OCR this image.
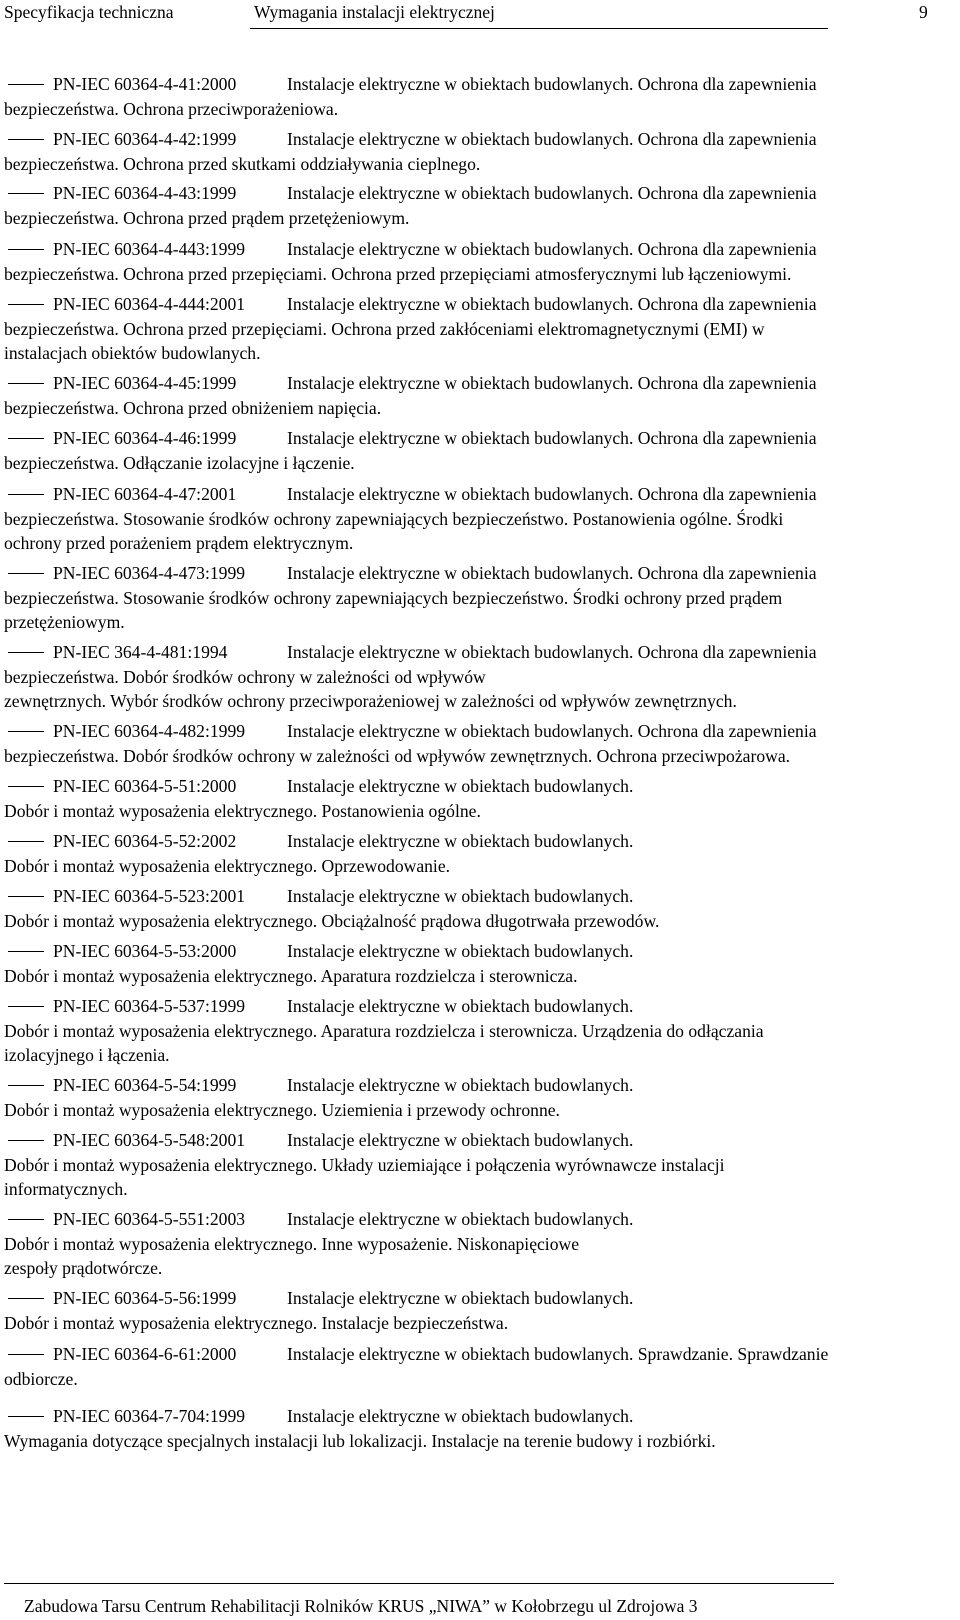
Specyfikacja techniczna	Wymagania instalacji elektrycznej	9
PN-IEC 60364-4-41:2000	Instalacje elektryczne w obiektach budowlanych. Ochrona dla zapewnienia
bezpieczeństwa. Ochrona przeciwporażeniowa.
PN-IEC 60364-4-42:1999	Instalacje elektryczne w obiektach budowlanych. Ochrona dla zapewnienia
bezpieczeństwa. Ochrona przed skutkami oddziaływania cieplnego.
PN-IEC 60364-4-43:1999	Instalacje elektryczne w obiektach budowlanych. Ochrona dla zapewnienia
bezpieczeństwa. Ochrona przed prądem przetężeniowym.
PN-IEC 60364-4-443:1999 Instalacje elektryczne w obiektach budowlanych. Ochrona dla zapewnienia
bezpieczeństwa. Ochrona przed przepięciami. Ochrona przed przepięciami atmosferycznymi lub łączeniowymi.
PN-IEC 60364-4-444:2001 Instalacje elektryczne w obiektach budowlanych. Ochrona dla zapewnienia
bezpieczeństwa. Ochrona przed przepięciami. Ochrona przed zakłóceniami elektromagnetycznymi (EMI) w
instalacjach obiektów budowlanych.
PN-IEC 60364-4-45:1999	Instalacje elektryczne w obiektach budowlanych. Ochrona dla zapewnienia
bezpieczeństwa. Ochrona przed obniżeniem napięcia.
PN-IEC 60364-4-46:1999	Instalacje elektryczne w obiektach budowlanych. Ochrona dla zapewnienia
bezpieczeństwa. Odłączanie izolacyjne i łączenie.
PN-IEC 60364-4-47:2001	Instalacje elektryczne w obiektach budowlanych. Ochrona dla zapewnienia
bezpieczeństwa. Stosowanie środków ochrony zapewniających bezpieczeństwo. Postanowienia ogólne. Środki
ochrony przed porażeniem prądem elektrycznym.
PN-IEC 60364-4-473:1999 Instalacje elektryczne w obiektach budowlanych. Ochrona dla zapewnienia
bezpieczeństwa. Stosowanie środków ochrony zapewniających bezpieczeństwo. Środki ochrony przed prądem
przetężeniowym.
PN-IEC 364-4-481:1994	Instalacje elektryczne w obiektach budowlanych. Ochrona dla zapewnienia
bezpieczeństwa. Dobór środków ochrony w zależności od wpływów
zewnętrznych. Wybór środków ochrony przeciwporażeniowej w zależności od wpływów zewnętrznych.
PN-IEC 60364-4-482:1999 Instalacje elektryczne w obiektach budowlanych. Ochrona dla zapewnienia
bezpieczeństwa. Dobór środków ochrony w zależności od wpływów zewnętrznych. Ochrona przeciwpożarowa.
PN-IEC 60364-5-51:2000	Instalacje elektryczne w obiektach budowlanych.
Dobór i montaż wyposażenia elektrycznego. Postanowienia ogólne.
PN-IEC 60364-5-52:2002	Instalacje elektryczne w obiektach budowlanych.
Dobór i montaż wyposażenia elektrycznego. Oprzewodowanie.
PN-IEC 60364-5-523:2001 Instalacje elektryczne w obiektach budowlanych.
Dobór i montaż wyposażenia elektrycznego. Obciążalność prądowa długotrwała przewodów.
PN-IEC 60364-5-53:2000	Instalacje elektryczne w obiektach budowlanych.
Dobór i montaż wyposażenia elektrycznego. Aparatura rozdzielcza i sterownicza.
PN-IEC 60364-5-537:1999 Instalacje elektryczne w obiektach budowlanych.
Dobór i montaż wyposażenia elektrycznego. Aparatura rozdzielcza i sterownicza. Urządzenia do odłączania
izolacyjnego i łączenia.
PN-IEC 60364-5-54:1999	Instalacje elektryczne w obiektach budowlanych.
Dobór i montaż wyposażenia elektrycznego. Uziemienia i przewody ochronne.
PN-IEC 60364-5-548:2001 Instalacje elektryczne w obiektach budowlanych.
Dobór i montaż wyposażenia elektrycznego. Układy uziemiające i połączenia wyrównawcze instalacji
informatycznych.
PN-IEC 60364-5-551:2003 Instalacje elektryczne w obiektach budowlanych.
Dobór i montaż wyposażenia elektrycznego. Inne wyposażenie. Niskonapięciowe
zespoły prądotwórcze.
PN-IEC 60364-5-56:1999	Instalacje elektryczne w obiektach budowlanych.
Dobór i montaż wyposażenia elektrycznego. Instalacje bezpieczeństwa.
PN-IEC 60364-6-61:2000	Instalacje elektryczne w obiektach budowlanych. Sprawdzanie. Sprawdzanie
odbiorcze.
PN-IEC 60364-7-704:1999 Instalacje elektryczne w obiektach budowlanych.
Wymagania dotyczące specjalnych instalacji lub lokalizacji. Instalacje na terenie budowy i rozbiórki.
Zabudowa Tarsu Centrum Rehabilitacji Rolników KRUS „NIWA” w Kołobrzegu ul Zdrojowa 3
